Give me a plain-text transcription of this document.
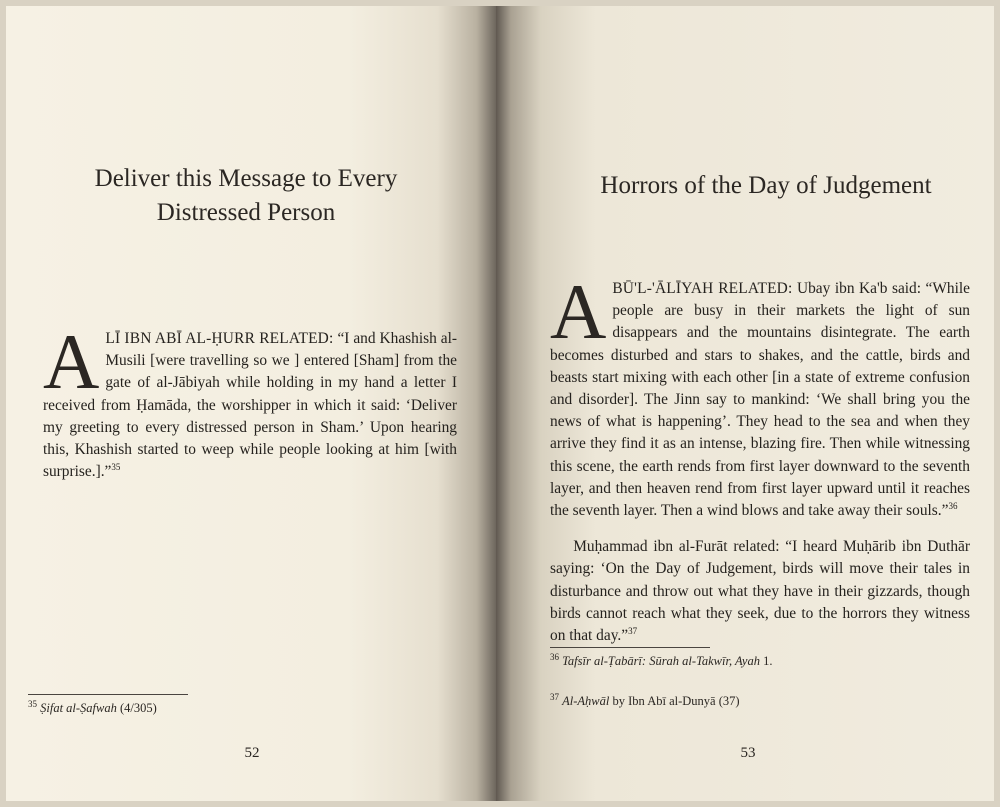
Deliver this Message to Every
Distressed Person
ALĪ IBN ABĪ AL-ḤURR RELATED: “I and Khashish al-Musili [were travelling so we ] entered [Sham] from the gate of al-Jābiyah while holding in my hand a letter I received from Ḥamāda, the worshipper in which it said: ‘Deliver my greeting to every distressed person in Sham.’ Upon hearing this, Khashish started to weep while people looking at him [with surprise.].”$^{35}$
$^{35}$ Ṣifat al-Ṣafwah (4/305)
52
Horrors of the Day of Judgement

ABŪ'L-'ĀLĪYAH RELATED: Ubay ibn Ka'b said: “While people are busy in their markets the light of sun disappears and the mountains disintegrate. The earth becomes disturbed and stars to shakes, and the cattle, birds and beasts start mixing with each other [in a state of extreme confusion and disorder]. The Jinn say to mankind: ‘We shall bring you the news of what is happening’. They head to the sea and when they arrive they find it as an intense, blazing fire. Then while witnessing this scene, the earth rends from first layer downward to the seventh layer, and then heaven rend from first layer upward until it reaches the seventh layer. Then a wind blows and take away their souls.”$^{36}$

Muḥammad ibn al-Furāt related: “I heard Muḥārib ibn Duthār saying: ‘On the Day of Judgement, birds will move their tales in disturbance and throw out what they have in their gizzards, though birds cannot reach what they seek, due to the horrors they witness on that day.”$^{37}$

$^{36}$ Tafsīr al-Ṭabārī: Sūrah al-Takwīr, Ayah 1.
$^{37}$ Al-Aḥwāl by Ibn Abī al-Dunyā (37)
53
